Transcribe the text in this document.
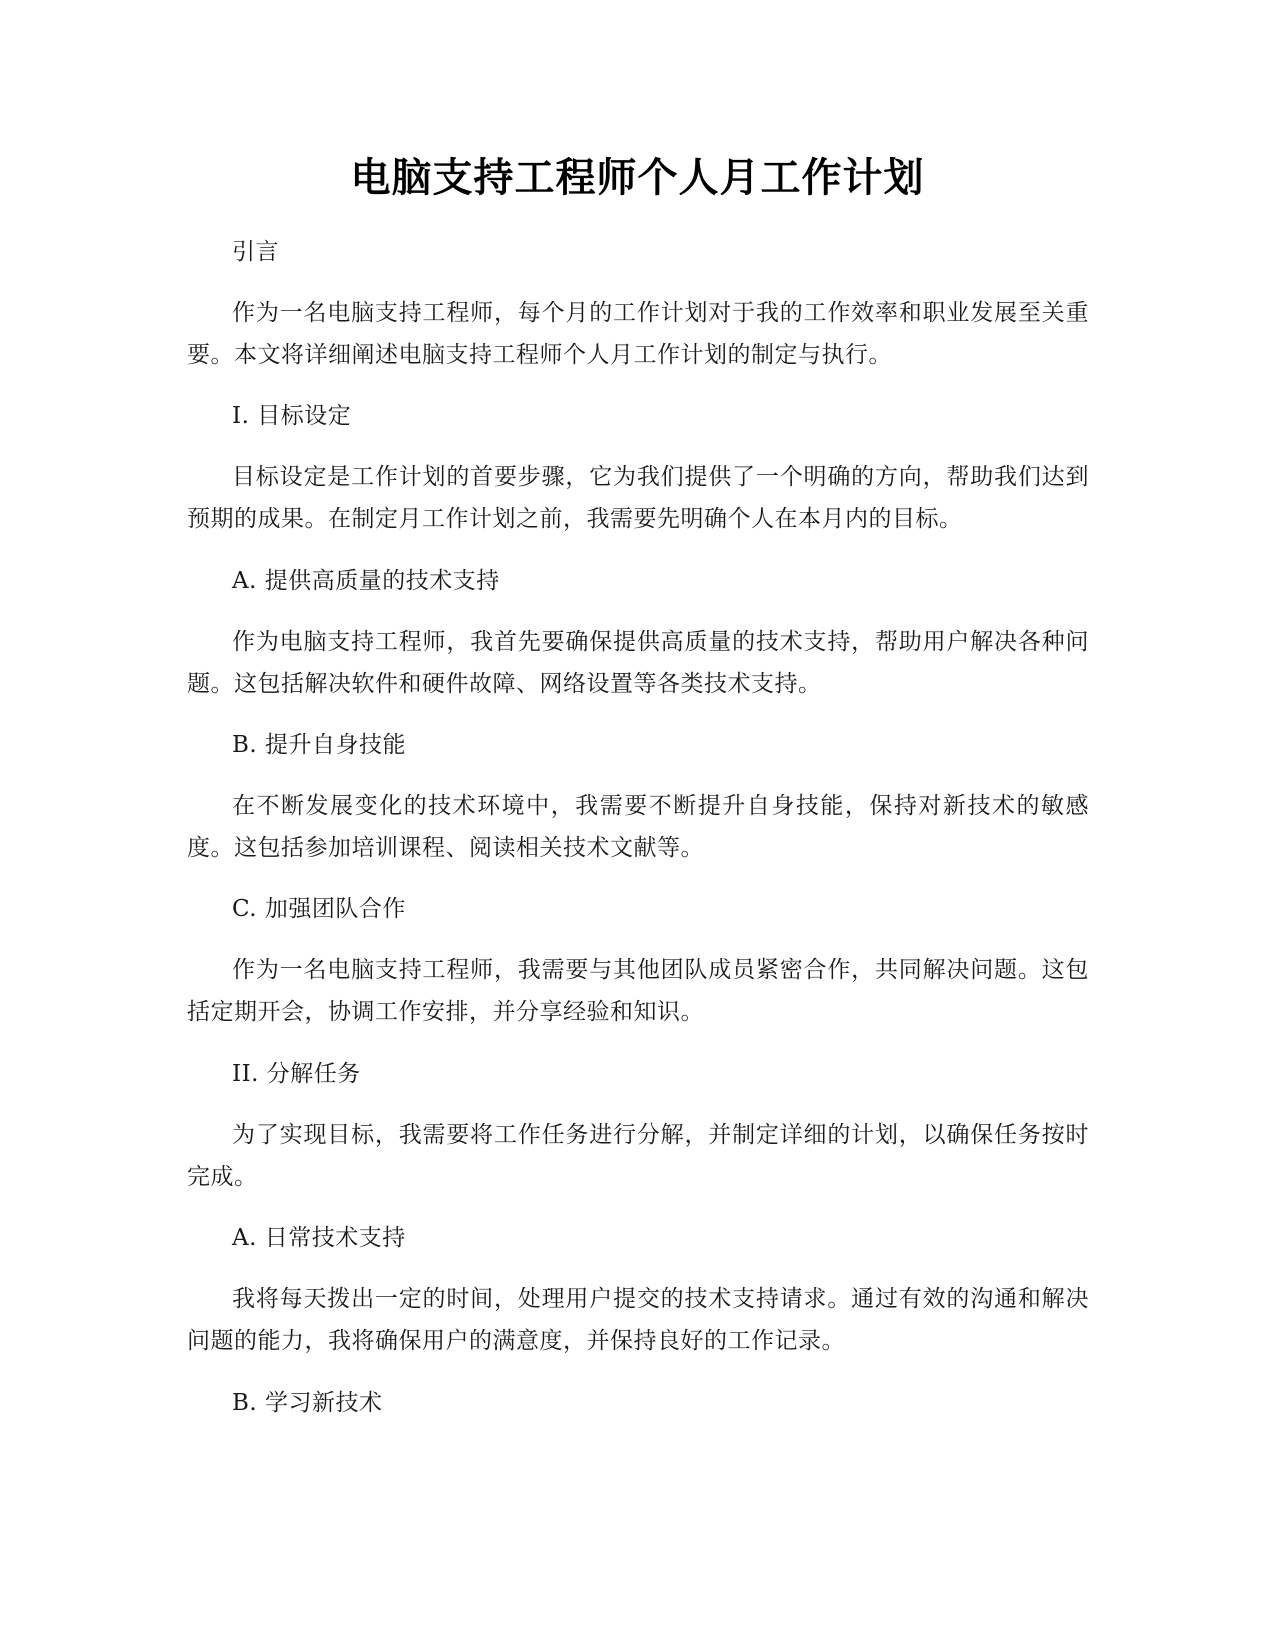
电脑支持工程师个人月工作计划

引言

作为一名电脑支持工程师，每个月的工作计划对于我的工作效率和职业发展至关重要。本文将详细阐述电脑支持工程师个人月工作计划的制定与执行。

I. 目标设定

目标设定是工作计划的首要步骤，它为我们提供了一个明确的方向，帮助我们达到预期的成果。在制定月工作计划之前，我需要先明确个人在本月内的目标。

A. 提供高质量的技术支持

作为电脑支持工程师，我首先要确保提供高质量的技术支持，帮助用户解决各种问题。这包括解决软件和硬件故障、网络设置等各类技术支持。

B. 提升自身技能

在不断发展变化的技术环境中，我需要不断提升自身技能，保持对新技术的敏感度。这包括参加培训课程、阅读相关技术文献等。

C. 加强团队合作

作为一名电脑支持工程师，我需要与其他团队成员紧密合作，共同解决问题。这包括定期开会，协调工作安排，并分享经验和知识。

II. 分解任务

为了实现目标，我需要将工作任务进行分解，并制定详细的计划，以确保任务按时完成。

A. 日常技术支持

我将每天拨出一定的时间，处理用户提交的技术支持请求。通过有效的沟通和解决问题的能力，我将确保用户的满意度，并保持良好的工作记录。

B. 学习新技术
